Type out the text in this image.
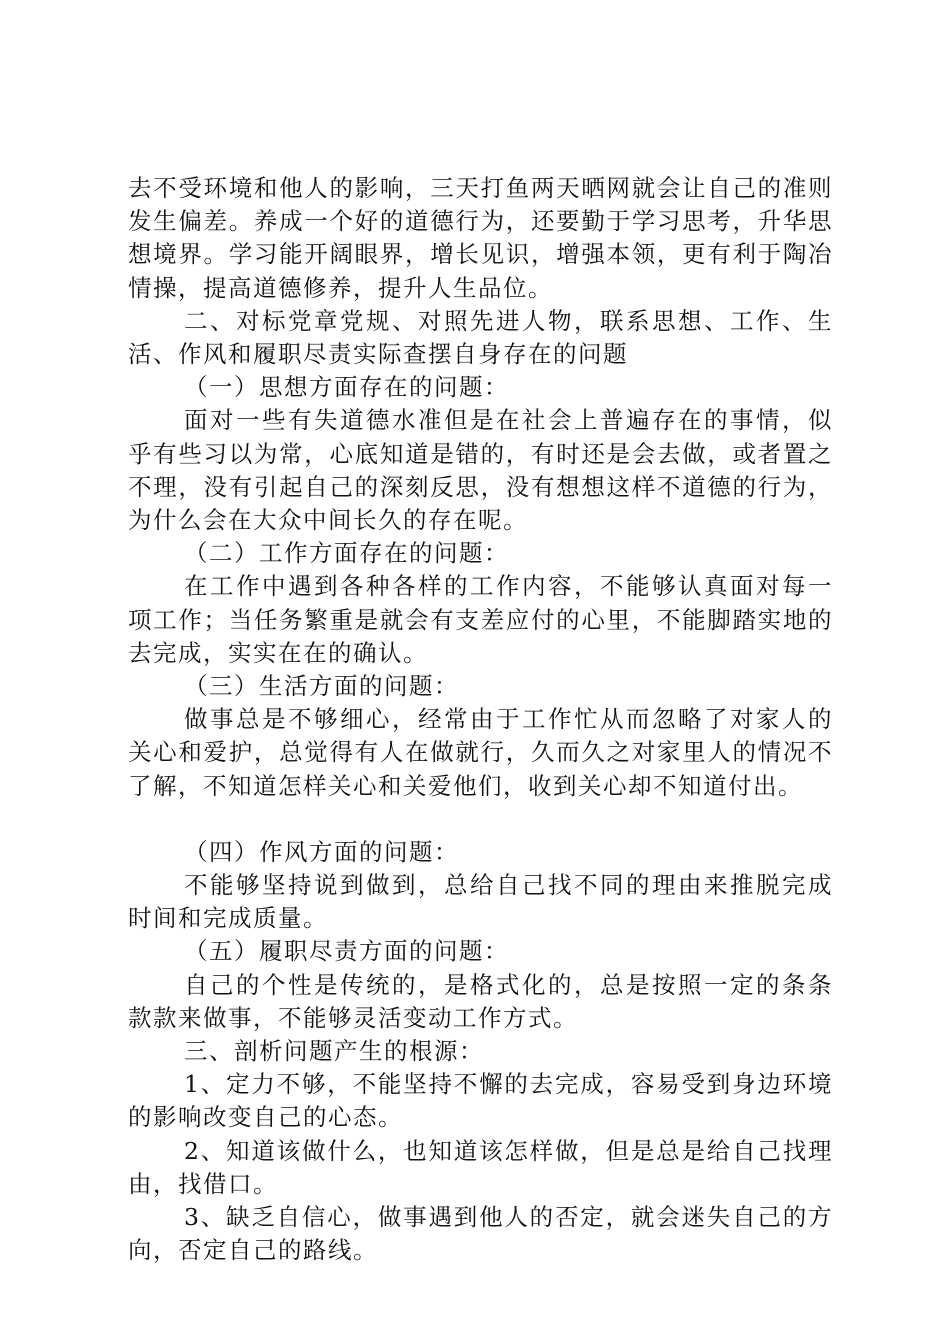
去不受环境和他人的影响，三天打鱼两天晒网就会让自己的准则发生偏差。养成一个好的道德行为，还要勤于学习思考，升华思想境界。学习能开阔眼界，增长见识，增强本领，更有利于陶冶情操，提高道德修养，提升人生品位。

二、对标党章党规、对照先进人物，联系思想、工作、生活、作风和履职尽责实际查摆自身存在的问题

（一）思想方面存在的问题：

面对一些有失道德水准但是在社会上普遍存在的事情，似乎有些习以为常，心底知道是错的，有时还是会去做，或者置之不理，没有引起自己的深刻反思，没有想想这样不道德的行为，为什么会在大众中间长久的存在呢。

（二）工作方面存在的问题：

在工作中遇到各种各样的工作内容，不能够认真面对每一项工作；当任务繁重是就会有支差应付的心里，不能脚踏实地的去完成，实实在在的确认。

（三）生活方面的问题：

做事总是不够细心，经常由于工作忙从而忽略了对家人的关心和爱护，总觉得有人在做就行，久而久之对家里人的情况不了解，不知道怎样关心和关爱他们，收到关心却不知道付出。

（四）作风方面的问题：

不能够坚持说到做到，总给自己找不同的理由来推脱完成时间和完成质量。

（五）履职尽责方面的问题：

自己的个性是传统的，是格式化的，总是按照一定的条条款款来做事，不能够灵活变动工作方式。

三、剖析问题产生的根源：

1、定力不够，不能坚持不懈的去完成，容易受到身边环境的影响改变自己的心态。

2、知道该做什么，也知道该怎样做，但是总是给自己找理由，找借口。

3、缺乏自信心，做事遇到他人的否定，就会迷失自己的方向，否定自己的路线。
